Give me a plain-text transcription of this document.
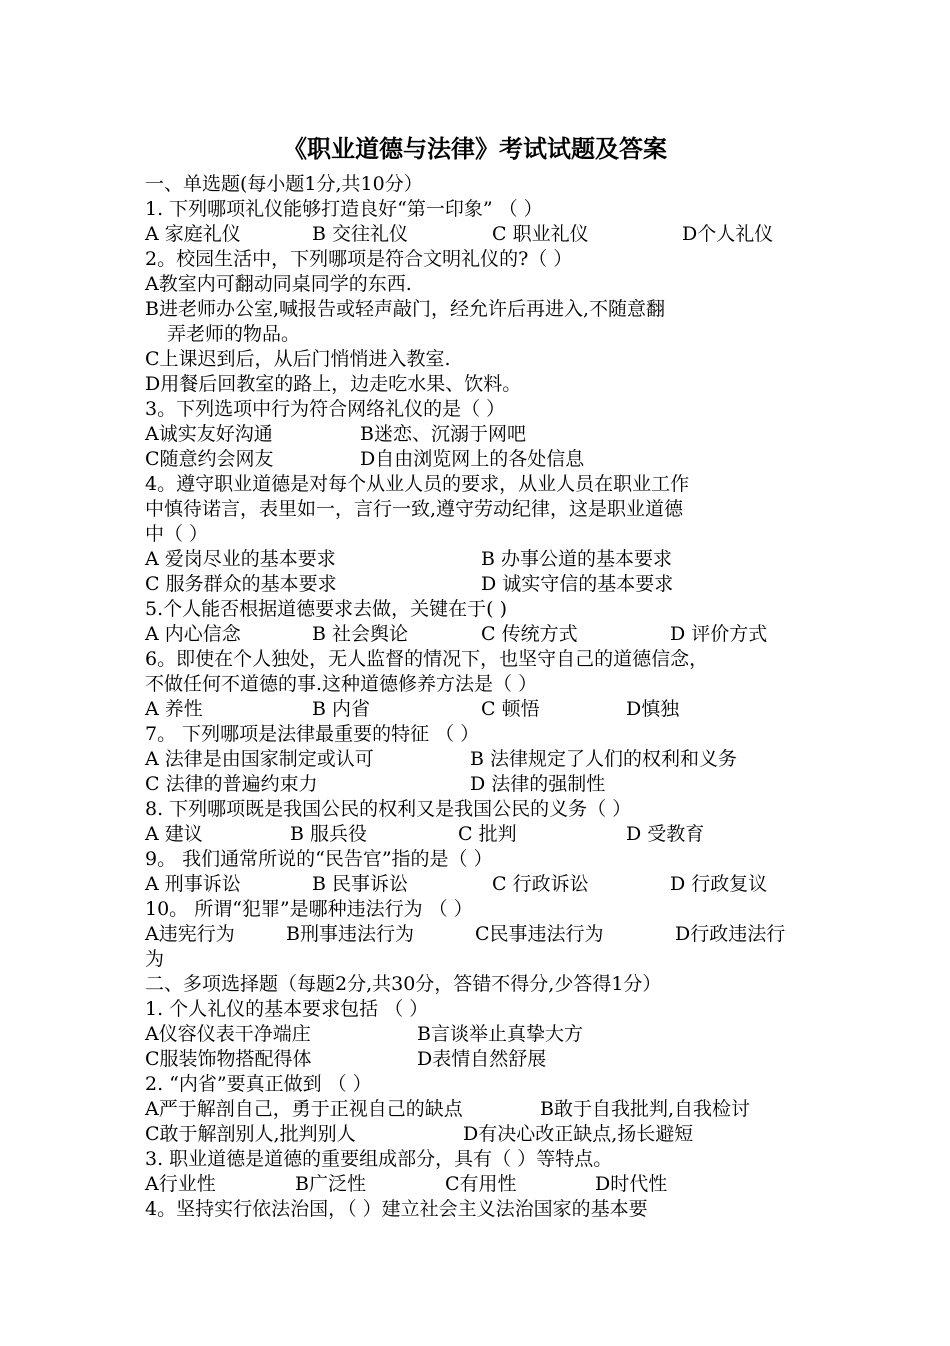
《职业道德与法律》考试试题及答案
一、单选题(每小题1分,共10分）
1. 下列哪项礼仪能够打造良好“第一印象” （ ）
A 家庭礼仪	B 交往礼仪	C 职业礼仪	D个人礼仪
2。校园生活中，下列哪项是符合文明礼仪的?（ ）
A教室内可翻动同桌同学的东西.
B进老师办公室,喊报告或轻声敲门，经允许后再进入,不随意翻
弄老师的物品。
C上课迟到后，从后门悄悄进入教室.
D用餐后回教室的路上，边走吃水果、饮料。
3。下列选项中行为符合网络礼仪的是（ ）
A诚实友好沟通	B迷恋、沉溺于网吧
C随意约会网友	D自由浏览网上的各处信息
4。遵守职业道德是对每个从业人员的要求，从业人员在职业工作
中慎待诺言，表里如一，言行一致,遵守劳动纪律，这是职业道德
中（ ）
A 爱岗尽业的基本要求	B 办事公道的基本要求
C 服务群众的基本要求	D 诚实守信的基本要求
5.个人能否根据道德要求去做，关键在于( )
A 内心信念	B 社会舆论	C 传统方式	D 评价方式
6。即使在个人独处，无人监督的情况下，也坚守自己的道德信念，
不做任何不道德的事.这种道德修养方法是（ ）
A 养性	B 内省	C 顿悟	D慎独
7。 下列哪项是法律最重要的特征 （ ）
A 法律是由国家制定或认可	B 法律规定了人们的权利和义务
C 法律的普遍约束力	D 法律的强制性
8. 下列哪项既是我国公民的权利又是我国公民的义务（ ）
A 建议	B 服兵役	C 批判	D 受教育
9。 我们通常所说的“民告官”指的是（ ）
A 刑事诉讼	B 民事诉讼	C 行政诉讼	D 行政复议
10。 所谓“犯罪”是哪种违法行为 （ ）
A违宪行为	B刑事违法行为	C民事违法行为	D行政违法行
为
二、多项选择题（每题2分,共30分，答错不得分,少答得1分）
1. 个人礼仪的基本要求包括 （ ）
A仪容仪表干净端庄	B言谈举止真挚大方
C服装饰物搭配得体	D表情自然舒展
2. “内省”要真正做到 （ ）
A严于解剖自己，勇于正视自己的缺点	B敢于自我批判,自我检讨
C敢于解剖别人,批判别人	D有决心改正缺点,扬长避短
3. 职业道德是道德的重要组成部分，具有（ ）等特点。
A行业性	B广泛性	C有用性	D时代性
4。坚持实行依法治国，（ ）建立社会主义法治国家的基本要
